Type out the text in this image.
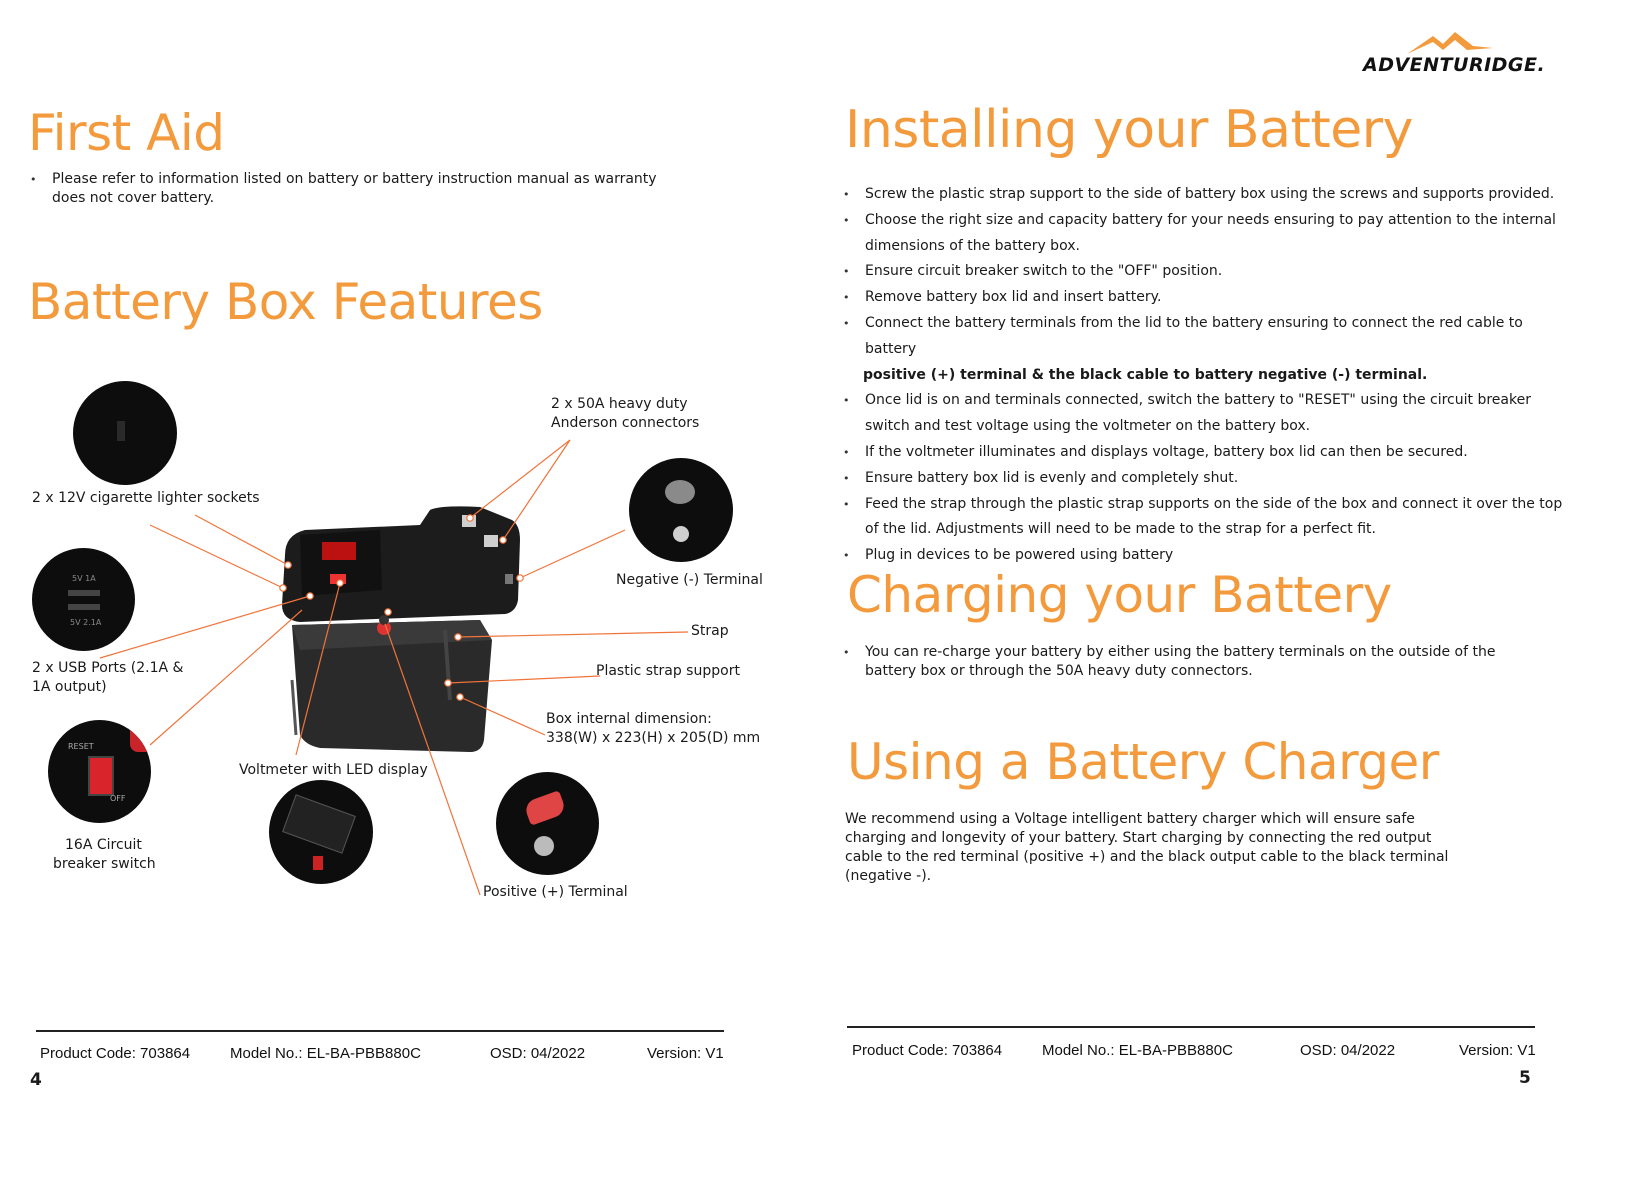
First Aid
• Please refer to information listed on battery or battery instruction manual as warranty does not cover battery.
Battery Box Features
5V 1A
5V 2.1A
RESET
OFF
2 x 50A heavy duty
Anderson connectors
2 x 12V cigarette lighter sockets
Negative (-) Terminal
Strap
Plastic strap support
2 x USB Ports (2.1A &
1A output)
Box internal dimension:
338(W) x 223(H) x 205(D) mm
Voltmeter with LED display
16A Circuit
breaker switch
Positive (+) Terminal
Product Code: 703864	Model No.: EL-BA-PBB880C	OSD: 04/2022	Version: V1
4
ADVENTURIDGE.
Installing your Battery
• Screw the plastic strap support to the side of battery box using the screws and supports provided.
• Choose the right size and capacity battery for your needs ensuring to pay attention to the internal dimensions of the battery box.
• Ensure circuit breaker switch to the "OFF" position.
• Remove battery box lid and insert battery.
• Connect the battery terminals from the lid to the battery ensuring to connect the red cable to battery
positive (+) terminal & the black cable to battery negative (-) terminal.
• Once lid is on and terminals connected, switch the battery to "RESET" using the circuit breaker switch and test voltage using the voltmeter on the battery box.
• If the voltmeter illuminates and displays voltage, battery box lid can then be secured.
• Ensure battery box lid is evenly and completely shut.
• Feed the strap through the plastic strap supports on the side of the box and connect it over the top of the lid. Adjustments will need to be made to the strap for a perfect fit.
• Plug in devices to be powered using battery
Charging your Battery
• You can re-charge your battery by either using the battery terminals on the outside of the battery box or through the 50A heavy duty connectors.
Using a Battery Charger

We recommend using a Voltage intelligent battery charger which will ensure safe charging and longevity of your battery. Start charging by connecting the red output cable to the red terminal (positive +) and the black output cable to the black terminal (negative -).

Product Code: 703864	Model No.: EL-BA-PBB880C	OSD: 04/2022	Version: V1
5
